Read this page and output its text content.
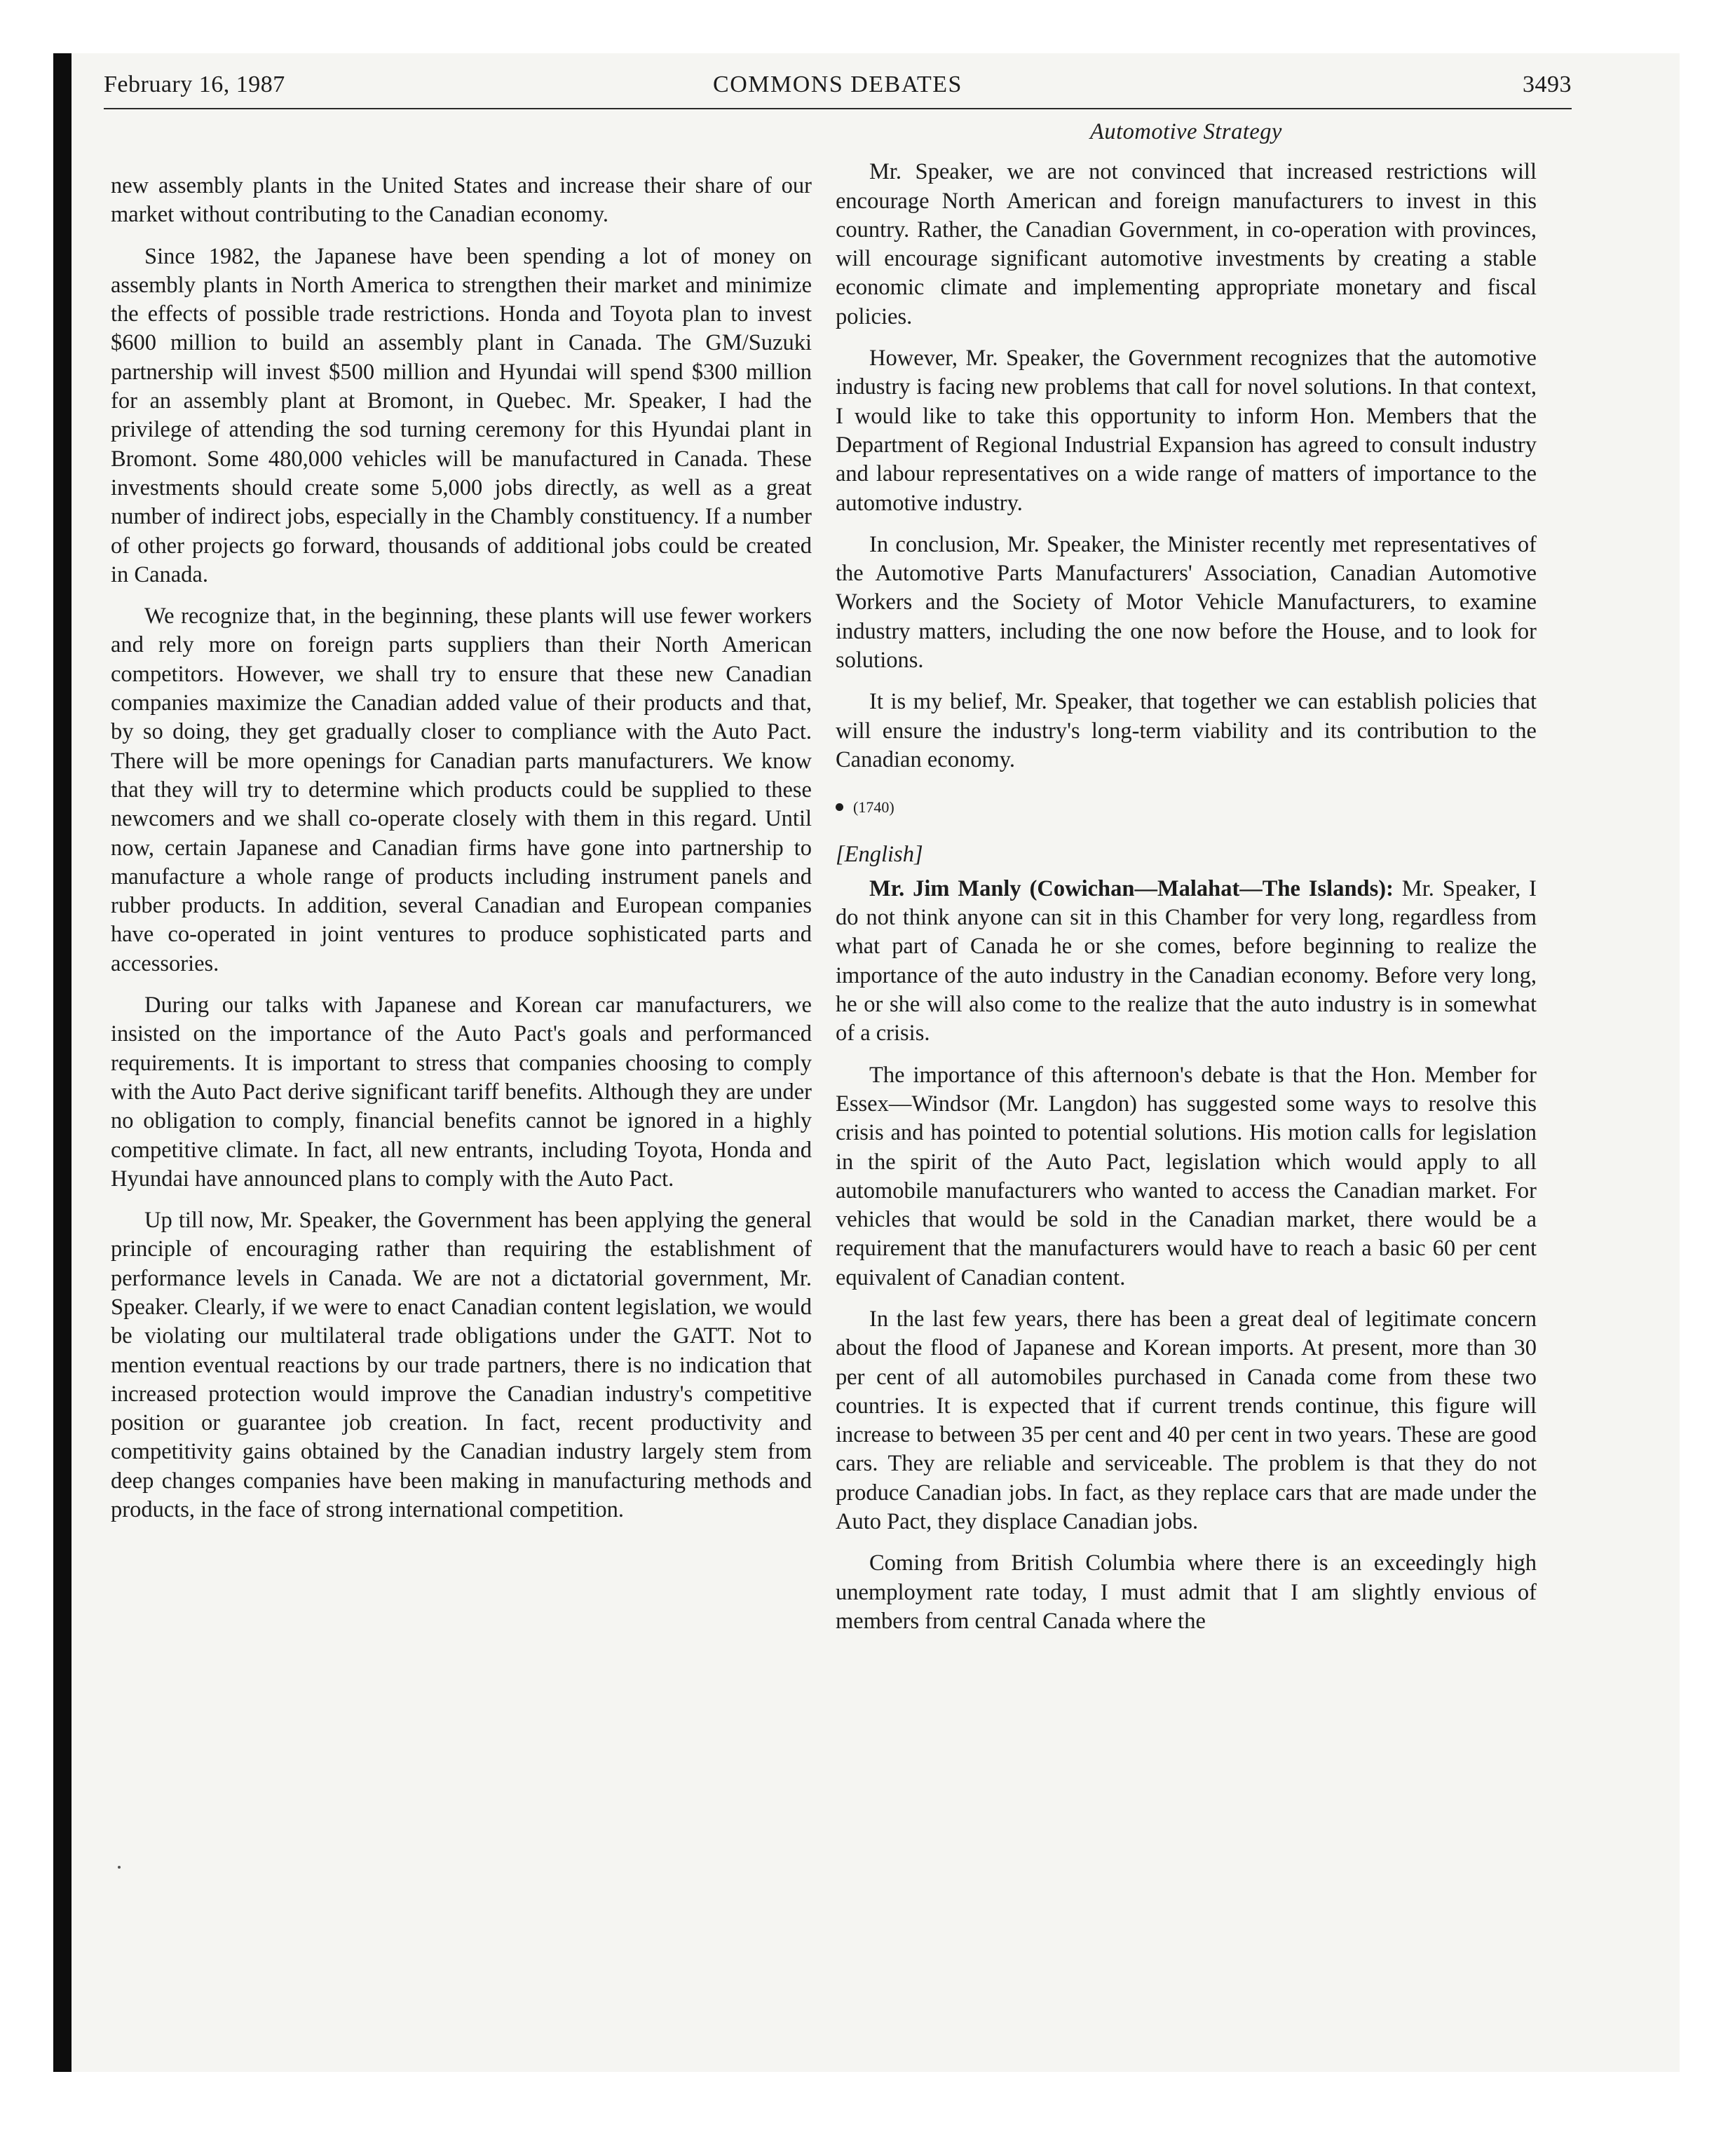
February 16, 1987	COMMONS DEBATES	3493

new assembly plants in the United States and increase their share of our market without contributing to the Canadian economy.

Since 1982, the Japanese have been spending a lot of money on assembly plants in North America to strengthen their market and minimize the effects of possible trade restrictions. Honda and Toyota plan to invest $600 million to build an assembly plant in Canada. The GM/Suzuki partnership will invest $500 million and Hyundai will spend $300 million for an assembly plant at Bromont, in Quebec. Mr. Speaker, I had the privilege of attending the sod turning ceremony for this Hyundai plant in Bromont. Some 480,000 vehicles will be manufactured in Canada. These investments should create some 5,000 jobs directly, as well as a great number of indirect jobs, especially in the Chambly constituency. If a number of other projects go forward, thousands of additional jobs could be created in Canada.

We recognize that, in the beginning, these plants will use fewer workers and rely more on foreign parts suppliers than their North American competitors. However, we shall try to ensure that these new Canadian companies maximize the Canadian added value of their products and that, by so doing, they get gradually closer to compliance with the Auto Pact. There will be more openings for Canadian parts manufacturers. We know that they will try to determine which products could be supplied to these newcomers and we shall co-operate closely with them in this regard. Until now, certain Japanese and Canadian firms have gone into partnership to manufacture a whole range of products including instrument panels and rubber products. In addition, several Canadian and European companies have co-operated in joint ventures to produce sophisticated parts and accessories.

During our talks with Japanese and Korean car manufacturers, we insisted on the importance of the Auto Pact's goals and performanced requirements. It is important to stress that companies choosing to comply with the Auto Pact derive significant tariff benefits. Although they are under no obligation to comply, financial benefits cannot be ignored in a highly competitive climate. In fact, all new entrants, including Toyota, Honda and Hyundai have announced plans to comply with the Auto Pact.

Up till now, Mr. Speaker, the Government has been applying the general principle of encouraging rather than requiring the establishment of performance levels in Canada. We are not a dictatorial government, Mr. Speaker. Clearly, if we were to enact Canadian content legislation, we would be violating our multilateral trade obligations under the GATT. Not to mention eventual reactions by our trade partners, there is no indication that increased protection would improve the Canadian industry's competitive position or guarantee job creation. In fact, recent productivity and competitivity gains obtained by the Canadian industry largely stem from deep changes companies have been making in manufacturing methods and products, in the face of strong international competition.

Automotive Strategy

Mr. Speaker, we are not convinced that increased restrictions will encourage North American and foreign manufacturers to invest in this country. Rather, the Canadian Government, in co-operation with provinces, will encourage significant automotive investments by creating a stable economic climate and implementing appropriate monetary and fiscal policies.

However, Mr. Speaker, the Government recognizes that the automotive industry is facing new problems that call for novel solutions. In that context, I would like to take this opportunity to inform Hon. Members that the Department of Regional Industrial Expansion has agreed to consult industry and labour representatives on a wide range of matters of importance to the automotive industry.

In conclusion, Mr. Speaker, the Minister recently met representatives of the Automotive Parts Manufacturers' Association, Canadian Automotive Workers and the Society of Motor Vehicle Manufacturers, to examine industry matters, including the one now before the House, and to look for solutions.

It is my belief, Mr. Speaker, that together we can establish policies that will ensure the industry's long-term viability and its contribution to the Canadian economy.

(1740)
[English]

Mr. Jim Manly (Cowichan—Malahat—The Islands): Mr. Speaker, I do not think anyone can sit in this Chamber for very long, regardless from what part of Canada he or she comes, before beginning to realize the importance of the auto industry in the Canadian economy. Before very long, he or she will also come to the realize that the auto industry is in somewhat of a crisis.

The importance of this afternoon's debate is that the Hon. Member for Essex—Windsor (Mr. Langdon) has suggested some ways to resolve this crisis and has pointed to potential solutions. His motion calls for legislation in the spirit of the Auto Pact, legislation which would apply to all automobile manufacturers who wanted to access the Canadian market. For vehicles that would be sold in the Canadian market, there would be a requirement that the manufacturers would have to reach a basic 60 per cent equivalent of Canadian content.

In the last few years, there has been a great deal of legitimate concern about the flood of Japanese and Korean imports. At present, more than 30 per cent of all automobiles purchased in Canada come from these two countries. It is expected that if current trends continue, this figure will increase to between 35 per cent and 40 per cent in two years. These are good cars. They are reliable and serviceable. The problem is that they do not produce Canadian jobs. In fact, as they replace cars that are made under the Auto Pact, they displace Canadian jobs.

Coming from British Columbia where there is an exceedingly high unemployment rate today, I must admit that I am slightly envious of members from central Canada where the
